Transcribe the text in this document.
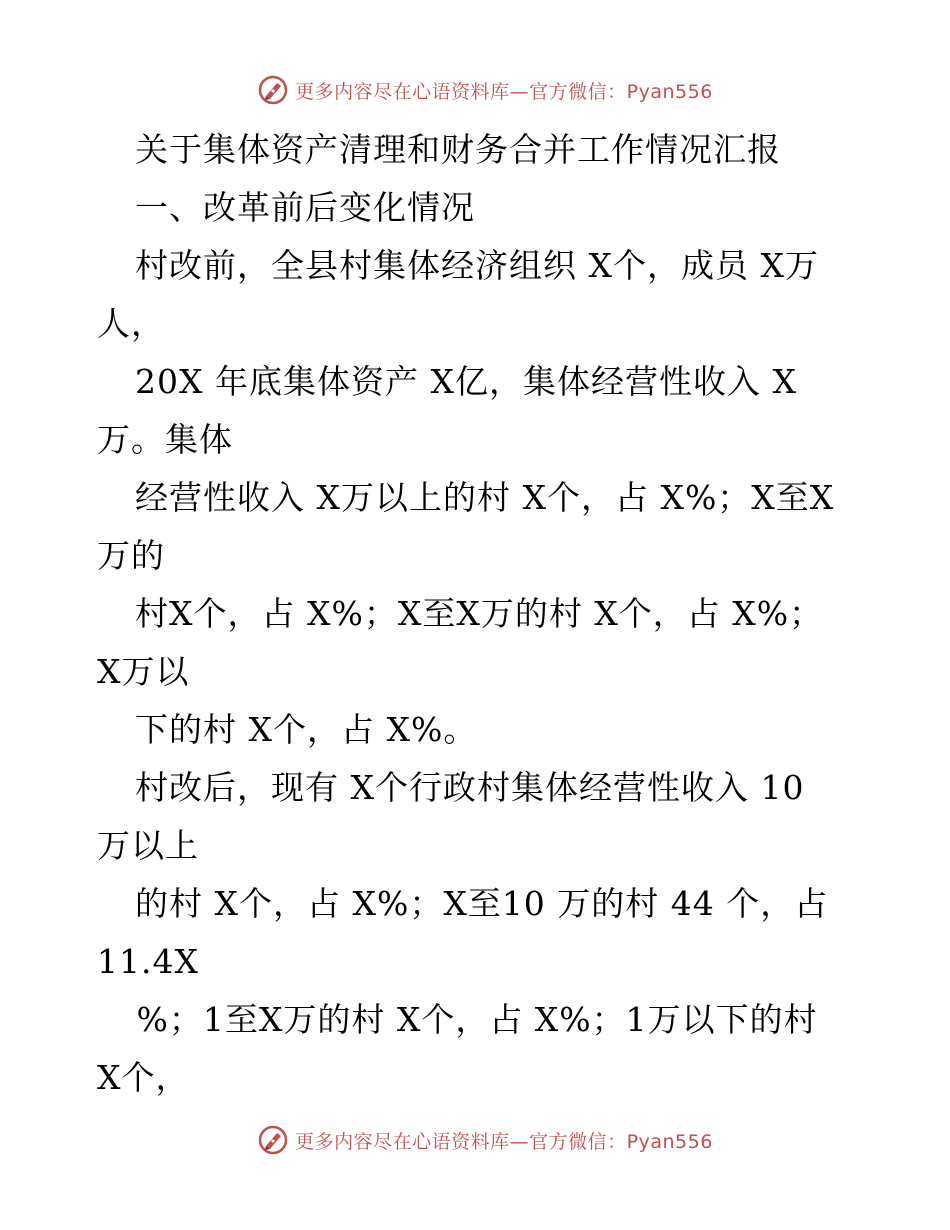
更多内容尽在心语资料库—官方微信：Pyan556
关于集体资产清理和财务合并工作情况汇报
一、改革前后变化情况
村改前，全县村集体经济组织 X个，成员 X万
人，
20X 年底集体资产 X亿，集体经营性收入 X
万。集体
经营性收入 X万以上的村 X个，占 X%；X至X
万的
村X个，占 X%；X至X万的村 X个，占 X%；
X万以
下的村 X个，占 X%。
村改后，现有 X个行政村集体经营性收入 10
万以上
的村 X个，占 X%；X至10 万的村 44 个，占
11.4X
%；1至X万的村 X个，占 X%；1万以下的村
X个，
更多内容尽在心语资料库—官方微信：Pyan556
